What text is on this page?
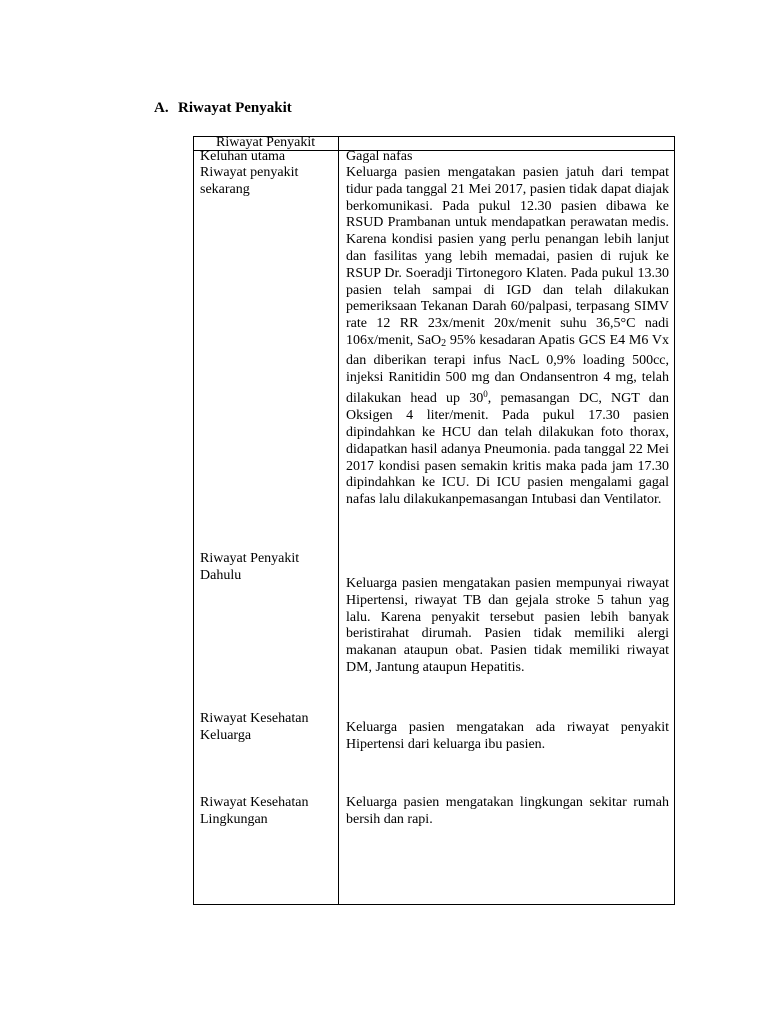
A. Riwayat Penyakit
Riwayat Penyakit
Keluhan utama	Gagal nafas
Riwayat penyakit sekarang
Keluarga pasien mengatakan pasien jatuh dari tempat tidur pada tanggal 21 Mei 2017, pasien tidak dapat diajak berkomunikasi. Pada pukul 12.30 pasien dibawa ke RSUD Prambanan untuk mendapatkan perawatan medis. Karena kondisi pasien yang perlu penangan lebih lanjut dan fasilitas yang lebih memadai, pasien di rujuk ke RSUP Dr. Soeradji Tirtonegoro Klaten. Pada pukul 13.30 pasien telah sampai di IGD dan telah dilakukan pemeriksaan Tekanan Darah 60/palpasi, terpasang SIMV rate 12 RR 23x/menit 20x/menit suhu 36,5°C nadi 106x/menit, SaO$_2$ 95% kesadaran Apatis GCS E4 M6 Vx dan diberikan terapi infus NacL 0,9% loading 500cc, injeksi Ranitidin 500 mg dan Ondansentron 4 mg, telah dilakukan head up $30^0$, pemasangan DC, NGT dan Oksigen 4 liter/menit. Pada pukul 17.30 pasien dipindahkan ke HCU dan telah dilakukan foto thorax, didapatkan hasil adanya Pneumonia. pada tanggal 22 Mei 2017 kondisi pasen semakin kritis maka pada jam 17.30 dipindahkan ke ICU. Di ICU pasien mengalami gagal nafas lalu dilakukanpemasangan Intubasi dan Ventilator.
Riwayat Penyakit Dahulu
Keluarga pasien mengatakan pasien mempunyai riwayat Hipertensi, riwayat TB dan gejala stroke 5 tahun yag lalu. Karena penyakit tersebut pasien lebih banyak beristirahat dirumah. Pasien tidak memiliki alergi makanan ataupun obat. Pasien tidak memiliki riwayat DM, Jantung ataupun Hepatitis.
Riwayat Kesehatan Keluarga
Keluarga pasien mengatakan ada riwayat penyakit Hipertensi dari keluarga ibu pasien.
Riwayat Kesehatan Lingkungan
Keluarga pasien mengatakan lingkungan sekitar rumah bersih dan rapi.
